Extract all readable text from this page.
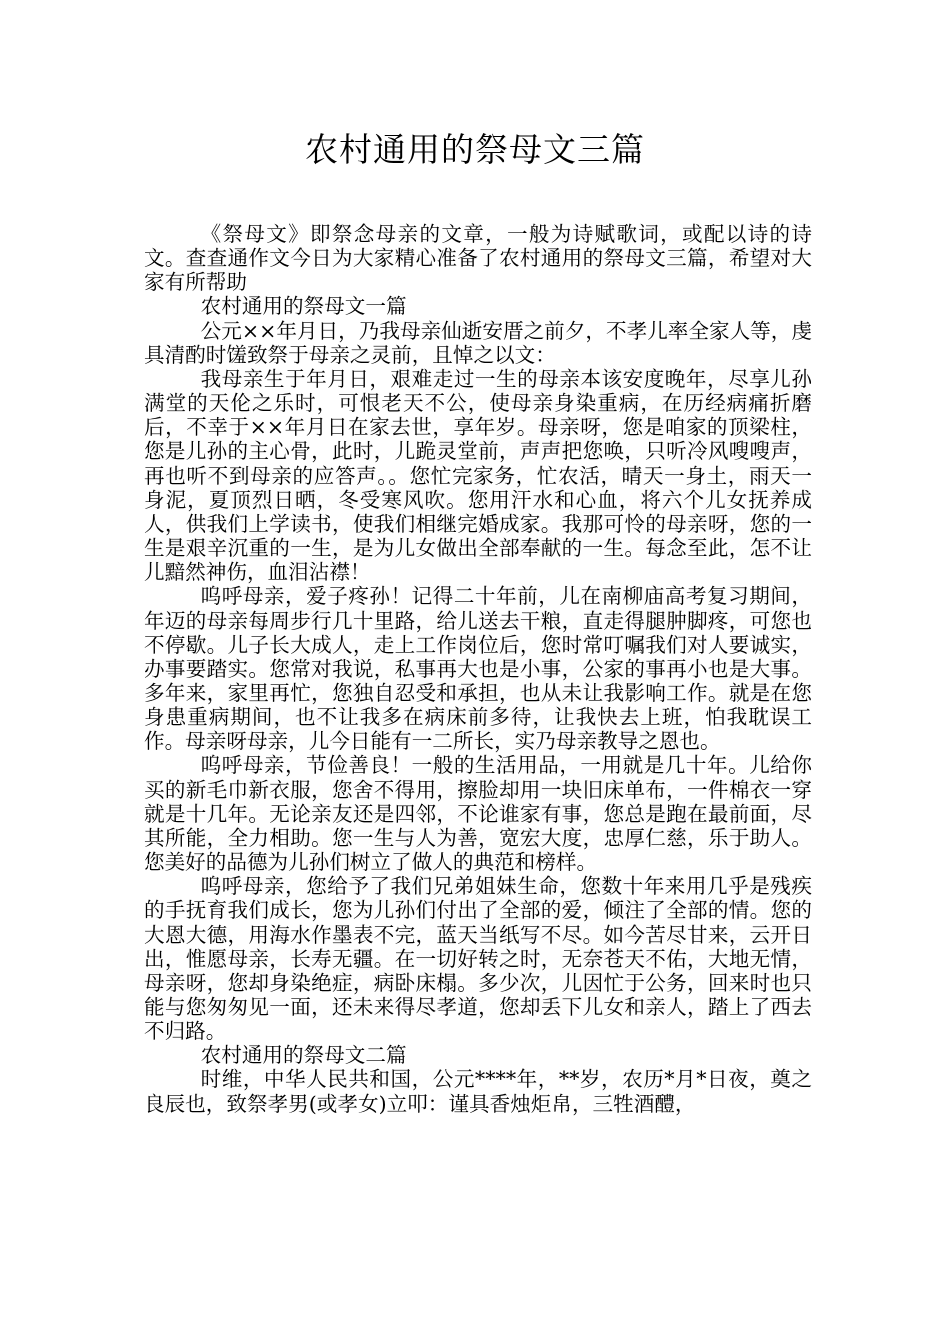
农村通用的祭母文三篇

《祭母文》即祭念母亲的文章，一般为诗赋歌词，或配以诗的诗文。查查通作文今日为大家精心准备了农村通用的祭母文三篇，希望对大家有所帮助

农村通用的祭母文一篇

公元××年月日，乃我母亲仙逝安厝之前夕，不孝儿率全家人等，虔具清酌时馐致祭于母亲之灵前，且悼之以文：

我母亲生于年月日，艰难走过一生的母亲本该安度晚年，尽享儿孙满堂的天伦之乐时，可恨老天不公，使母亲身染重病，在历经病痛折磨后，不幸于××年月日在家去世，享年岁。母亲呀，您是咱家的顶梁柱，您是儿孙的主心骨，此时，儿跪灵堂前，声声把您唤，只听冷风嗖嗖声，再也听不到母亲的应答声。。您忙完家务，忙农活，晴天一身土，雨天一身泥，夏顶烈日晒，冬受寒风吹。您用汗水和心血，将六个儿女抚养成人，供我们上学读书，使我们相继完婚成家。我那可怜的母亲呀，您的一生是艰辛沉重的一生，是为儿女做出全部奉献的一生。每念至此，怎不让儿黯然神伤，血泪沾襟！

呜呼母亲，爱子疼孙！记得二十年前，儿在南柳庙高考复习期间，年迈的母亲每周步行几十里路，给儿送去干粮，直走得腿肿脚疼，可您也不停歇。儿子长大成人，走上工作岗位后，您时常叮嘱我们对人要诚实，办事要踏实。您常对我说，私事再大也是小事，公家的事再小也是大事。多年来，家里再忙，您独自忍受和承担，也从未让我影响工作。就是在您身患重病期间，也不让我多在病床前多待，让我快去上班，怕我耽误工作。母亲呀母亲，儿今日能有一二所长，实乃母亲教导之恩也。

呜呼母亲，节俭善良！一般的生活用品，一用就是几十年。儿给你买的新毛巾新衣服，您舍不得用，擦脸却用一块旧床单布，一件棉衣一穿就是十几年。无论亲友还是四邻，不论谁家有事，您总是跑在最前面，尽其所能，全力相助。您一生与人为善，宽宏大度，忠厚仁慈，乐于助人。您美好的品德为儿孙们树立了做人的典范和榜样。

呜呼母亲，您给予了我们兄弟姐妹生命，您数十年来用几乎是残疾的手抚育我们成长，您为儿孙们付出了全部的爱，倾注了全部的情。您的大恩大德，用海水作墨表不完，蓝天当纸写不尽。如今苦尽甘来，云开日出，惟愿母亲，长寿无疆。在一切好转之时，无奈苍天不佑，大地无情，母亲呀，您却身染绝症，病卧床榻。多少次，儿因忙于公务，回来时也只能与您匆匆见一面，还未来得尽孝道，您却丢下儿女和亲人，踏上了西去不归路。

农村通用的祭母文二篇

时维，中华人民共和国，公元****年，**岁，农历*月*日夜，奠之良辰也，致祭孝男(或孝女)立叩：谨具香烛炬帛，三牲酒醴，
